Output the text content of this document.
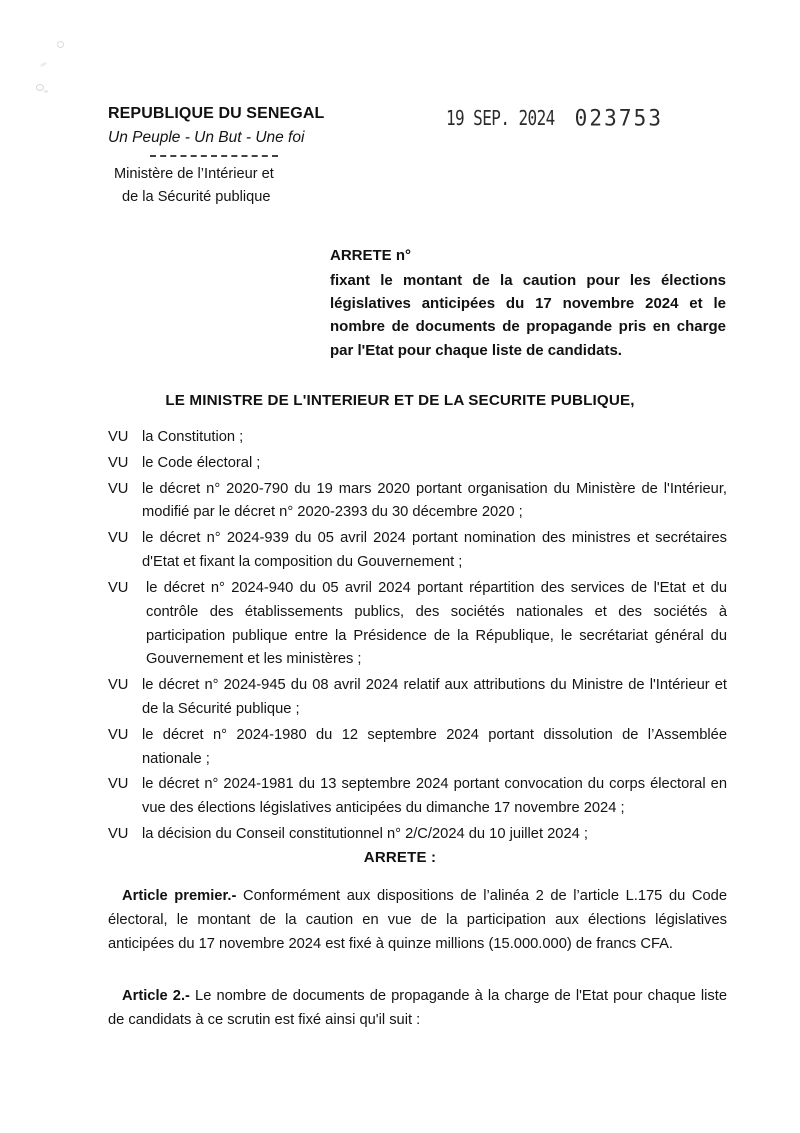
REPUBLIQUE DU SENEGAL
Un Peuple - Un But - Une foi
Ministère de l’Intérieur et
de la Sécurité publique
19 SEP. 2024 023753
ARRETE n°
fixant le montant de la caution pour les élections législatives anticipées du 17 novembre 2024 et le nombre de documents de propagande pris en charge par l'Etat pour chaque liste de candidats.
LE MINISTRE DE L'INTERIEUR ET DE LA SECURITE PUBLIQUE,
VU la Constitution ;
VU le Code électoral ;
VU le décret n° 2020-790 du 19 mars 2020 portant organisation du Ministère de l'Intérieur, modifié par le décret n° 2020-2393 du 30 décembre 2020 ;
VU le décret n° 2024-939 du 05 avril 2024 portant nomination des ministres et secrétaires d'Etat et fixant la composition du Gouvernement ;
VU	le décret n° 2024-940 du 05 avril 2024 portant répartition des services de l'Etat et du contrôle des établissements publics, des sociétés nationales et des sociétés à participation publique entre la Présidence de la République, le secrétariat général du Gouvernement et les ministères ;
VU le décret n° 2024-945 du 08 avril 2024 relatif aux attributions du Ministre de l'Intérieur et de la Sécurité publique ;
VU le décret n° 2024-1980 du 12 septembre 2024 portant dissolution de l’Assemblée nationale ;
VU le décret n° 2024-1981 du 13 septembre 2024 portant convocation du corps électoral en vue des élections législatives anticipées du dimanche 17 novembre 2024 ;
VU la décision du Conseil constitutionnel n° 2/C/2024 du 10 juillet 2024 ;
ARRETE :
Article premier.- Conformément aux dispositions de l’alinéa 2 de l’article L.175 du Code électoral, le montant de la caution en vue de la participation aux élections législatives anticipées du 17 novembre 2024 est fixé à quinze millions (15.000.000) de francs CFA.
Article 2.- Le nombre de documents de propagande à la charge de l'Etat pour chaque liste de candidats à ce scrutin est fixé ainsi qu'il suit :
